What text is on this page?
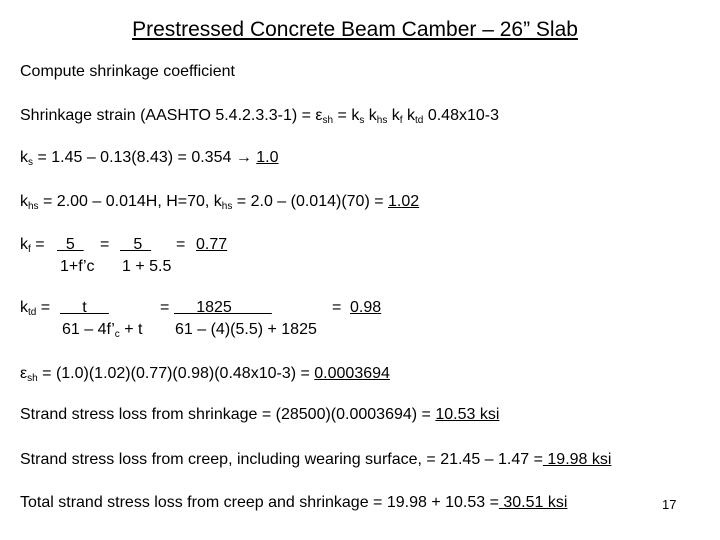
Prestressed Concrete Beam Camber – 26” Slab
Compute shrinkage coefficient
Shrinkage strain (AASHTO $5.4.2.3.3-1) = \varepsilon_{sh} = k_s$ $k_{hs}$ $k_f$ $k_{td}$ 0.48x10-3
$k_s = 1.45 - 0.13(8.43) = 0.354 \to 1.0$
$k_{hs} = 2.00 - 0.014H$, H=70, $k_{hs} = 2.0 - (0.014)(70) = 1.02$
$k_f = 5 = 5 = 0.77$
1+f’c 1 + 5.5
$k_{td} = t$	= 1825	= 0.98
$61 - 4f’_c + t$ 61 – (4)(5.5) + 1825
$\varepsilon_{sh} = (1.0)(1.02)(0.77)(0.98)(0.48x10-3) = 0.0003694$
Strand stress loss from shrinkage = (28500)(0.0003694) = 10.53 ksi
Strand stress loss from creep, including wearing surface, = 21.45 – 1.47 = 19.98 ksi
Total strand stress loss from creep and shrinkage = 19.98 + 10.53 = 30.51 ksi	17
